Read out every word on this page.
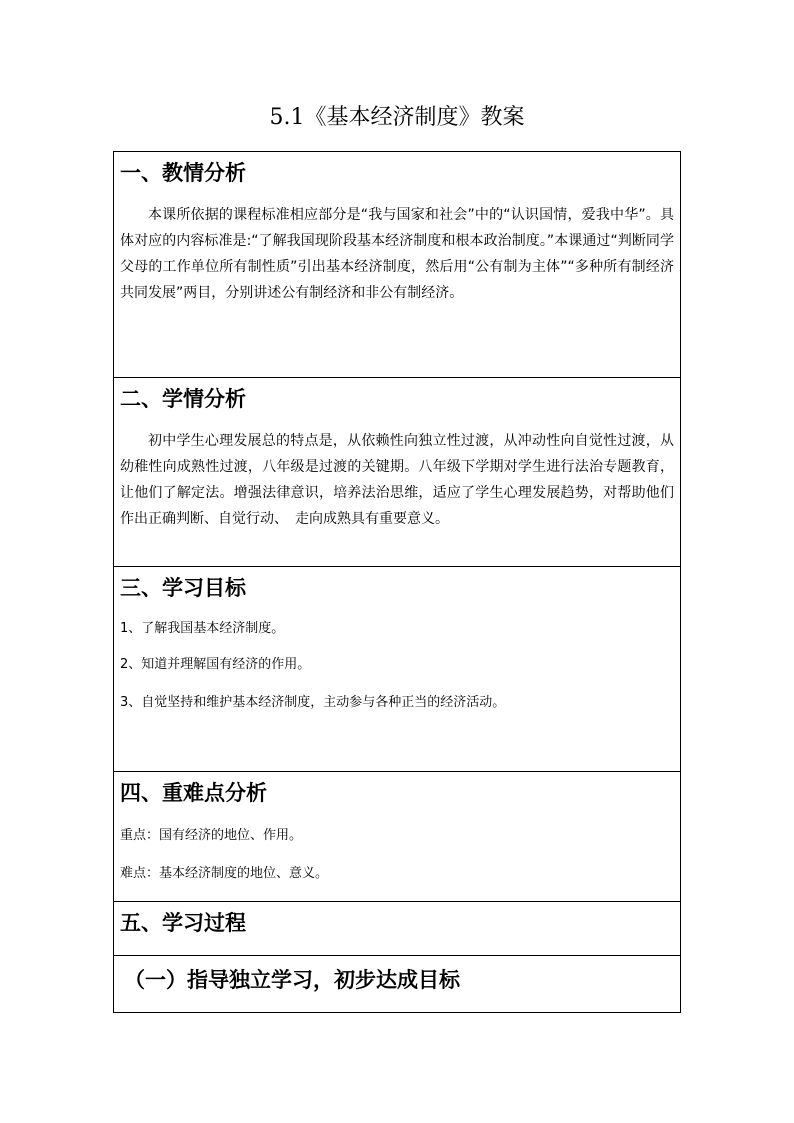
5.1《基本经济制度》教案
一、教情分析
本课所依据的课程标准相应部分是“我与国家和社会”中的“认识国情，爱我中华”。具体对应的内容标准是:“了解我国现阶段基本经济制度和根本政治制度。”本课通过“判断同学父母的工作单位所有制性质”引出基本经济制度，然后用“公有制为主体”“多种所有制经济共同发展”两目，分别讲述公有制经济和非公有制经济。
二、学情分析
初中学生心理发展总的特点是，从依赖性向独立性过渡，从冲动性向自觉性过渡，从幼稚性向成熟性过渡，八年级是过渡的关键期。八年级下学期对学生进行法治专题教育，让他们了解定法。增强法律意识，培养法治思维，适应了学生心理发展趋势，对帮助他们　作出正确判断、自觉行动、　走向成熟具有重要意义。
三、学习目标
1、了解我国基本经济制度。
2、知道并理解国有经济的作用。
3、自觉坚持和维护基本经济制度，主动参与各种正当的经济活动。
四、重难点分析
重点：国有经济的地位、作用。
难点：基本经济制度的地位、意义。
五、学习过程
（一）指导独立学习，初步达成目标
